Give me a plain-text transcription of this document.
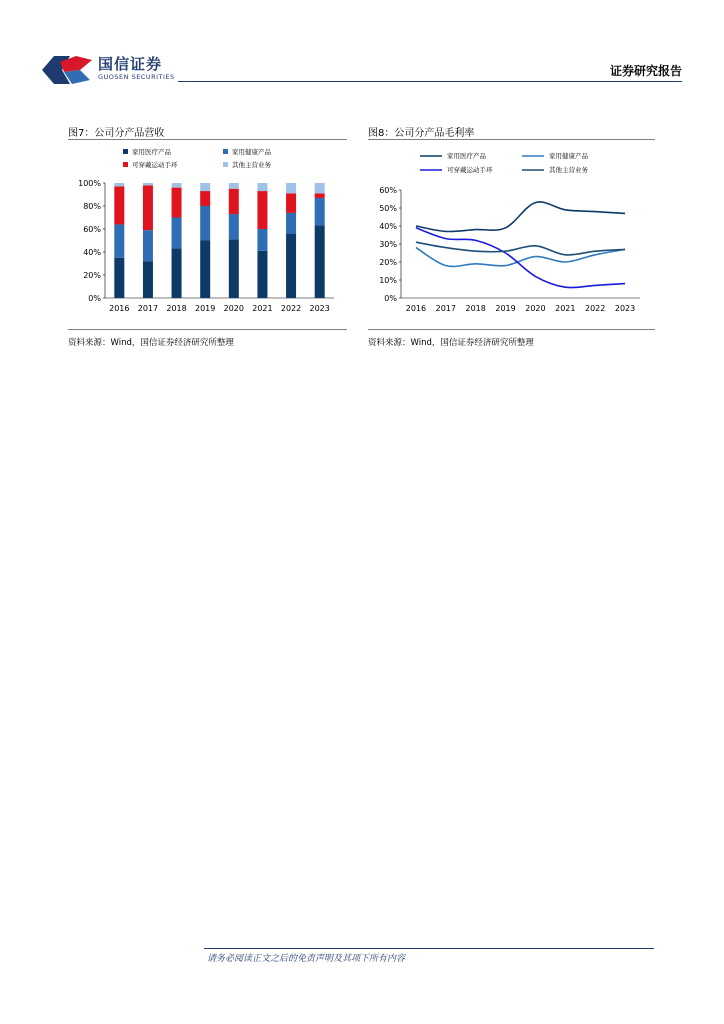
国信证券
GUOSEN SECURITIES	证券研究报告
图7：公司分产品营收
家用医疗产品	家用健康产品
可穿戴运动手环	其他主营业务
0%
20%
40%
60%
80%
100%
2016 2017 2018 2019 2020 2021 2022 2023
资料来源：Wind，国信证券经济研究所整理
图8：公司分产品毛利率
家用医疗产品	家用健康产品
可穿戴运动手环	其他主营业务
0%
10%
20%
30%
40%
50%
60%
2016 2017 2018 2019 2020 2021 2022 2023
资料来源：Wind，国信证券经济研究所整理
请务必阅读正文之后的免责声明及其项下所有内容
